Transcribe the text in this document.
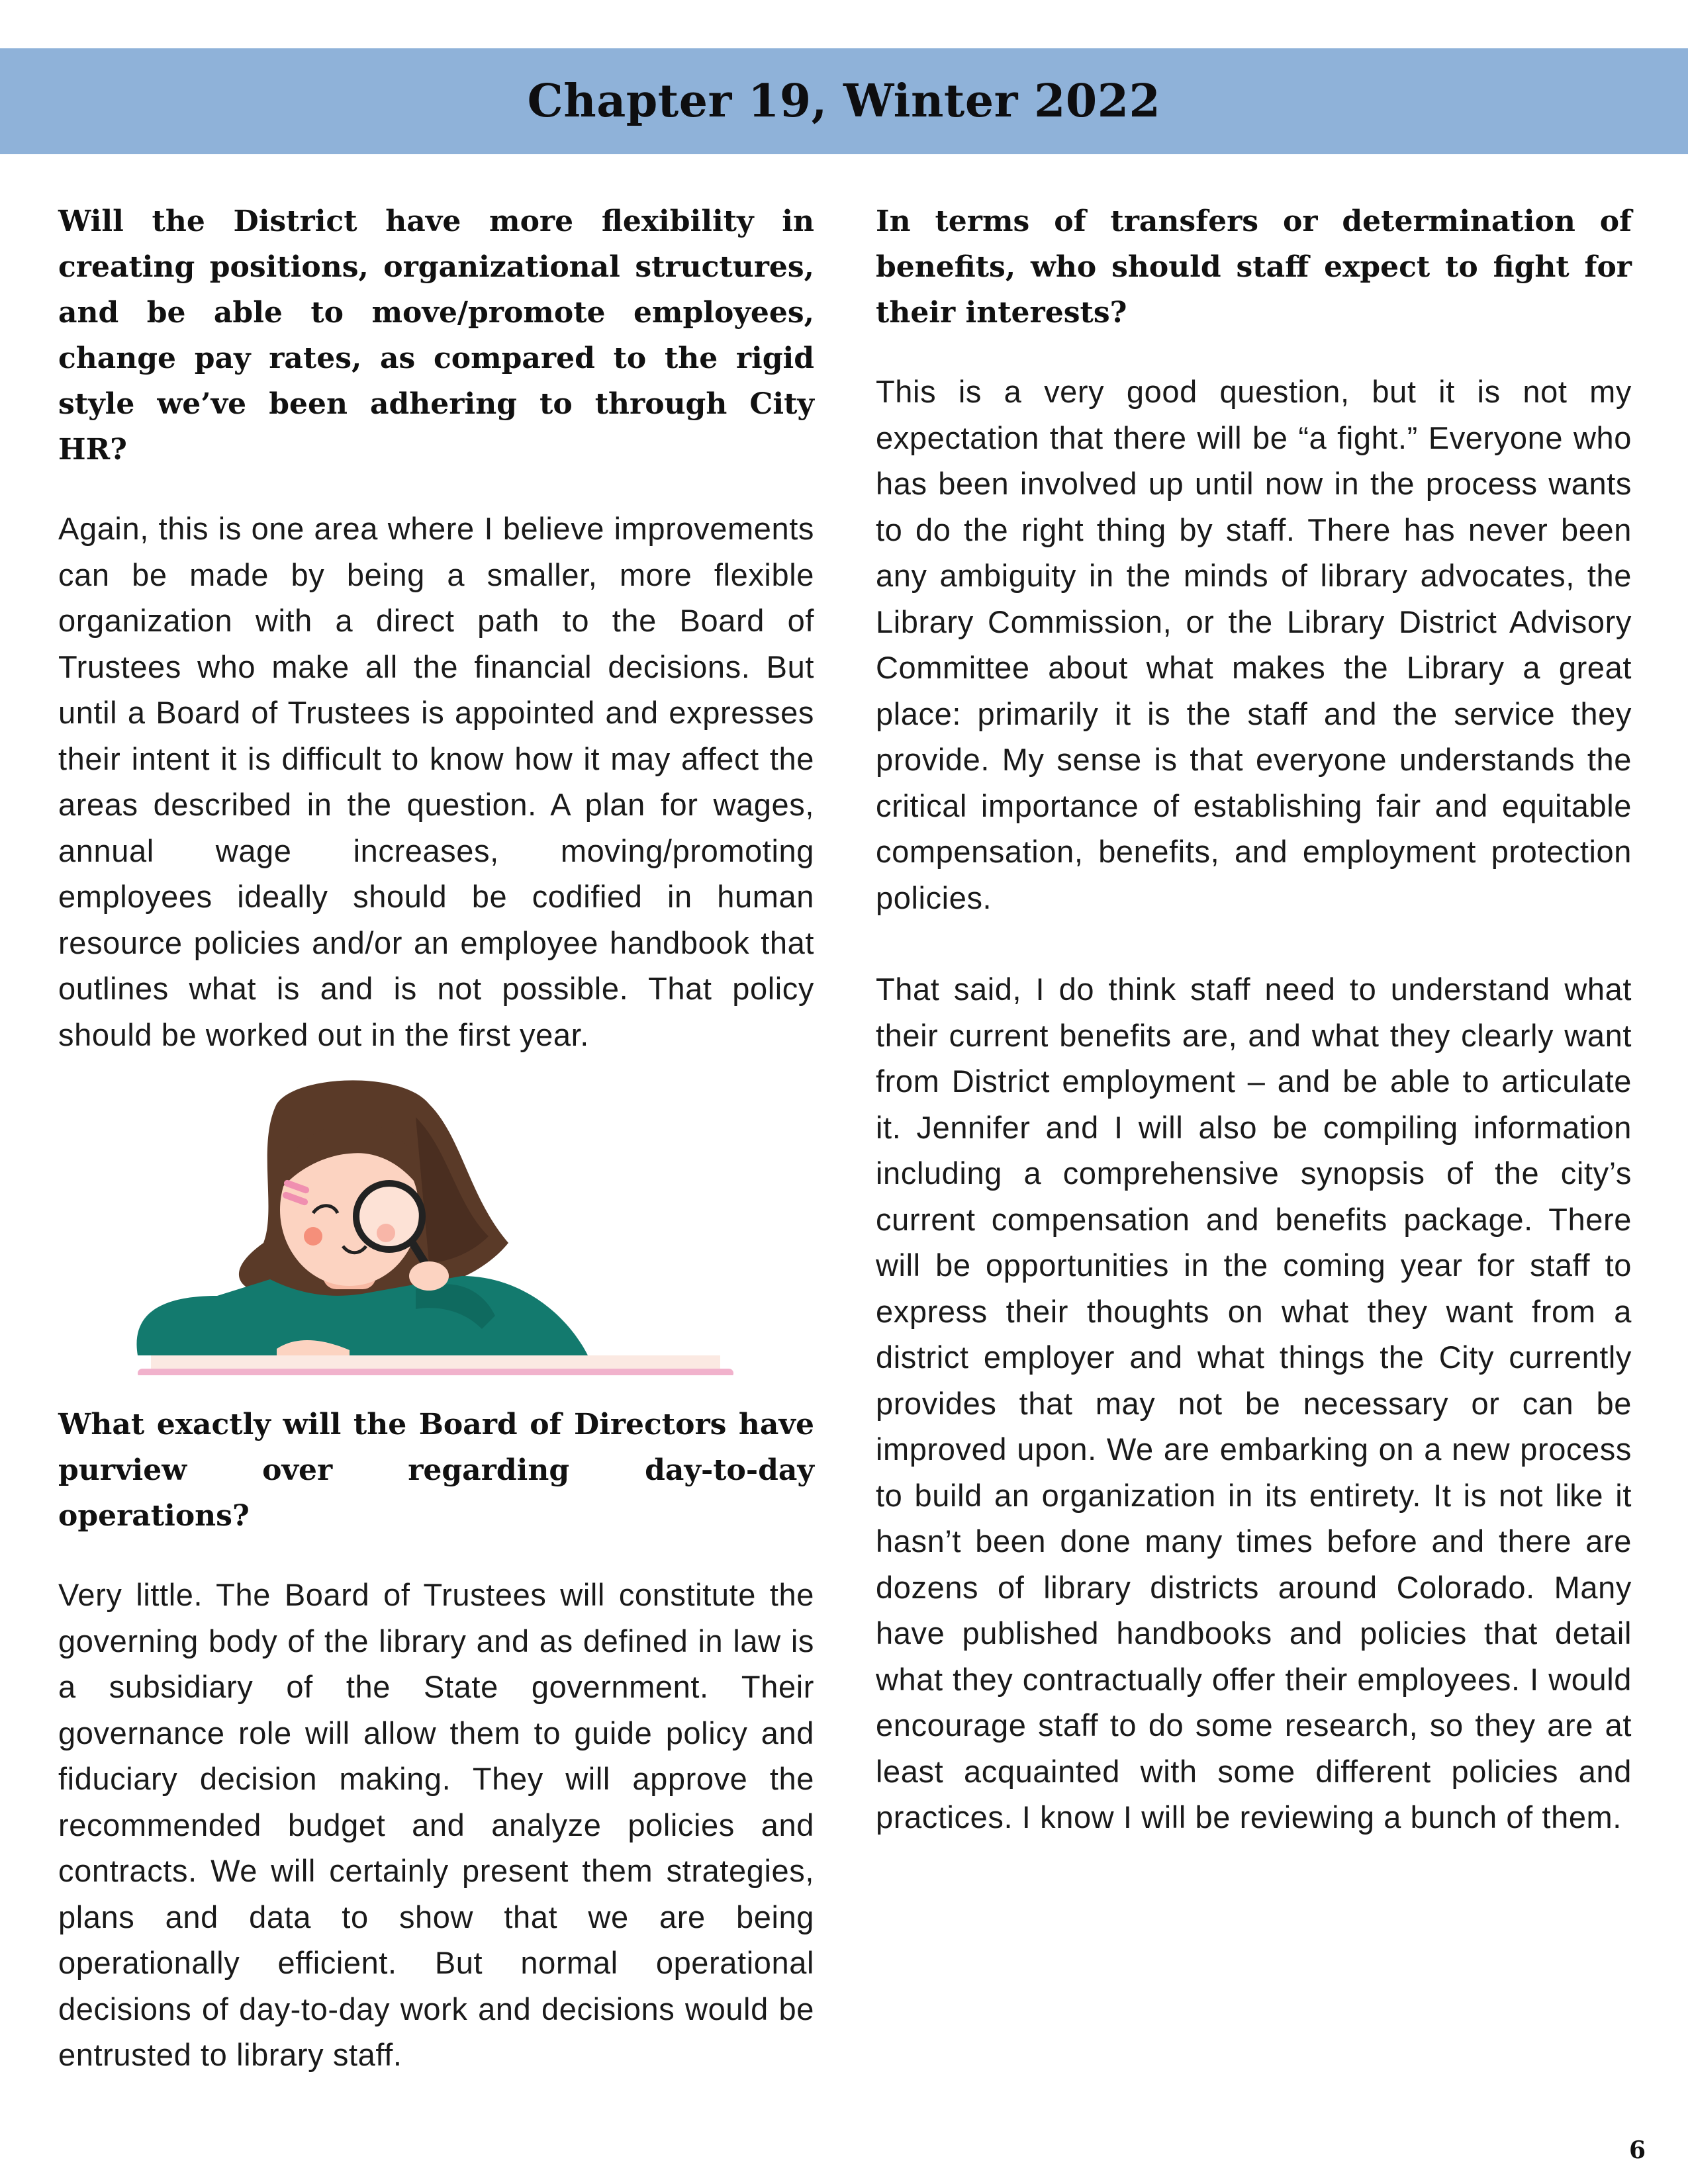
Chapter 19, Winter 2022

Will the District have more flexibility in creating positions, organizational structures, and be able to move/promote employees, change pay rates, as compared to the rigid style we’ve been adhering to through City HR?

Again, this is one area where I believe improvements can be made by being a smaller, more flexible organization with a direct path to the Board of Trustees who make all the financial decisions. But until a Board of Trustees is appointed and expresses their intent it is difficult to know how it may affect the areas described in the question. A plan for wages, annual wage increases, moving/promoting employees ideally should be codified in human resource policies and/or an employee handbook that outlines what is and is not possible. That policy should be worked out in the first year.

What exactly will the Board of Directors have purview over regarding day-to-day operations?

Very little. The Board of Trustees will constitute the governing body of the library and as defined in law is a subsidiary of the State government. Their governance role will allow them to guide policy and fiduciary decision making. They will approve the recommended budget and analyze policies and contracts. We will certainly present them strategies, plans and data to show that we are being operationally efficient. But normal operational decisions of day-to-day work and decisions would be entrusted to library staff.

In terms of transfers or determination of benefits, who should staff expect to fight for their interests?

This is a very good question, but it is not my expectation that there will be “a fight.” Everyone who has been involved up until now in the process wants to do the right thing by staff. There has never been any ambiguity in the minds of library advocates, the Library Commission, or the Library District Advisory Committee about what makes the Library a great place: primarily it is the staff and the service they provide. My sense is that everyone understands the critical importance of establishing fair and equitable compensation, benefits, and employment protection policies.

That said, I do think staff need to understand what their current benefits are, and what they clearly want from District employment – and be able to articulate it. Jennifer and I will also be compiling information including a comprehensive synopsis of the city’s current compensation and benefits package. There will be opportunities in the coming year for staff to express their thoughts on what they want from a district employer and what things the City currently provides that may not be necessary or can be improved upon. We are embarking on a new process to build an organization in its entirety. It is not like it hasn’t been done many times before and there are dozens of library districts around Colorado. Many have published handbooks and policies that detail what they contractually offer their employees. I would encourage staff to do some research, so they are at least acquainted with some different policies and practices. I know I will be reviewing a bunch of them.

6
